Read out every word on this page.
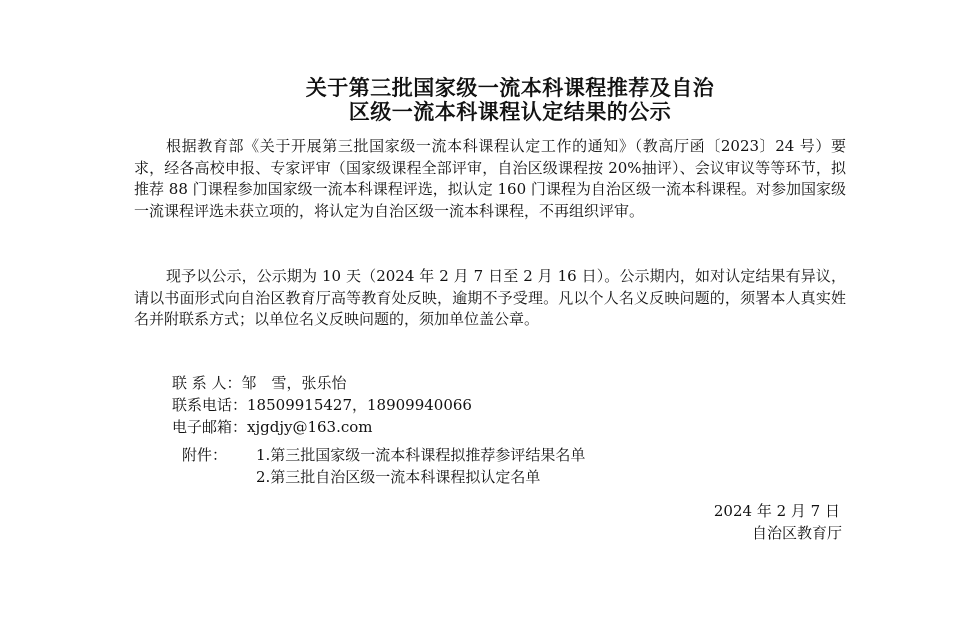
关于第三批国家级一流本科课程推荐及自治
区级一流本科课程认定结果的公示

根据教育部《关于开展第三批国家级一流本科课程认定工作的通知》（教高厅函〔2023〕24 号）要求，经各高校申报、专家评审（国家级课程全部评审，自治区级课程按 20%抽评）、会议审议等等环节，拟推荐 88 门课程参加国家级一流本科课程评选，拟认定 160 门课程为自治区级一流本科课程。对参加国家级一流课程评选未获立项的，将认定为自治区级一流本科课程，不再组织评审。

现予以公示，公示期为 10 天（2024 年 2 月 7 日至 2 月 16 日）。公示期内，如对认定结果有异议，请以书面形式向自治区教育厅高等教育处反映，逾期不予受理。凡以个人名义反映问题的，须署本人真实姓名并附联系方式；以单位名义反映问题的，须加单位盖公章。

联 系 人：邹　雪，张乐怡
联系电话：18509915427，18909940066
电子邮箱：xjgdjy@163.com
附件： 1.第三批国家级一流本科课程拟推荐参评结果名单
2.第三批自治区级一流本科课程拟认定名单
2024 年 2 月 7 日
自治区教育厅
